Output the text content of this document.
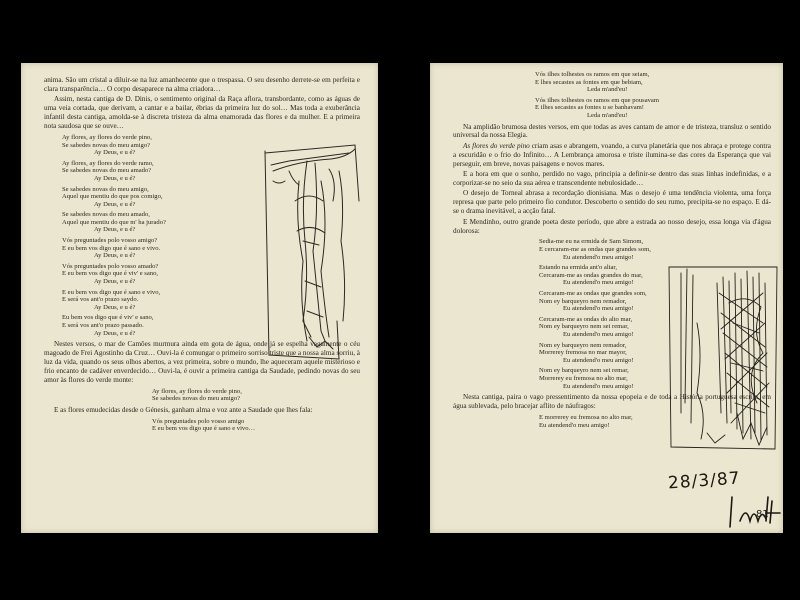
anima. São um cristal a diluir-se na luz amanhecente que o trespassa. O seu desenho derrete-se em perfeita e clara transparência… O corpo desaparece na alma criadora…

Assim, nesta cantiga de D. Dinis, o sentimento original da Raça aflora, transbordante, como as águas de uma veia cortada, que derivam, a cantar e a bailar, ébrias da primeira luz do sol… Mas toda a exuberância infantil desta cantiga, amolda-se à discreta tristeza da alma enamorada das flores e da mulher. E a primeira nota saudosa que se ouve…

Ay flores, ay flores do verde pino,
Se sabedes novas do meu amigo?
Ay Deus, e u é?
Ay flores, ay flores do verde ramo,
Se sabedes novas do meu amado?
Ay Deus, e u é?
Se sabedes novas do meu amigo,
Aquel que mentiu do que pos comigo,
Ay Deus, e u é?
Se sabedes novas do meu amado,
Aquel que mentiu do que m' ha jurado?
Ay Deus, e u é?
Vós preguntades polo vosso amigo?
E eu bem vos digo que é sano e vivo.
Ay Deus, e u é?
Vós preguntades polo vosso amado?
E eu bem vos digo que é viv' e sano,
Ay Deus, e u é?
E eu bem vos digo que é sano e vivo,
E será vos ant'o prazo saydo.
Ay Deus, e u é?
Eu bem vos digo que é viv' e sano,
E será vos ant'o prazo passado.
Ay Deus, e u é?

Nestes versos, o mar de Camões murmura ainda em gota de água, onde já se espelha vagamente o céu magoado de Frei Agostinho da Cruz… Ouvi-la é comungar o primeiro sorriso triste que a nossa alma sorriu, à luz da vida, quando os seus olhos abertos, a vez primeira, sobre o mundo, lhe aqueceram aquele misterioso e frio encanto de cadáver enverdecido… Ouvi-la, é ouvir a primeira cantiga da Saudade, pedindo novas do seu amor às flores do verde monte:

Ay flores, ay flores do verde pino,
Se sabedes novas do meu amigo?

E as flores emudecidas desde o Génesis, ganham alma e voz ante a Saudade que lhes fala:

Vós preguntades polo vosso amigo
E eu bem vos digo que é sano e vivo…
Vós ilhes tolhestes os ramos em que seiam,
E lhes secastes as fontes em que bebiam,
Leda m'and'eu!
Vós ilhes tolhestes os ramos em que pousavam
E ilhes secastes as fontes u se banhavam!
Leda m'and'eu!

Na amplidão brumosa destes versos, em que todas as aves cantam de amor e de tristeza, transluz o sentido universal da nossa Elegia.

As flores do verde pino criam asas e abrangem, voando, a curva planetária que nos abraça e protege contra a escuridão e o frio do Infinito… A Lembrança amorosa e triste ilumina-se das cores da Esperança que vai perseguir, em breve, novas paisagens e novos mares.

E a hora em que o sonho, perdido no vago, principia a definir-se dentro das suas linhas indefinidas, e a corporizar-se no seio da sua aérea e transcendente nebulosidade…

O desejo de Torneal abrasa a recordação dionisiana. Mas o desejo é uma tendência violenta, uma força represa que parte pelo primeiro fio condutor. Descoberto o sentido do seu rumo, precipita-se no espaço. E dá-se o drama inevitável, a acção fatal.

E Mendinho, outro grande poeta deste período, que abre a estrada ao nosso desejo, essa longa via d'água dolorosa:

Sedia-me eu na ermida de Sam Simom,
E cercaram-me as ondas que grandes som,
Eu atendend'o meu amigo!
Estando na ermida ant'o altar,
Cercaram-me as ondas grandes do mar,
Eu atendend'o meu amigo!
Cercaram-me as ondas que grandes som,
Nom ey barqueyro nem remador,
Eu atendend'o meu amigo!
Cercaram-me as ondas do alto mar,
Nom ey barqueyro nem sei remar,
Eu atendend'o meu amigo!
Nom ey barqueyro nem remador,
Morrerey fremosa no mar mayor,
Eu atendend'o meu amigo!
Nom ey barqueyro nem sei remar,
Morrerey eu fremosa no alto mar,
Eu atendend'o meu amigo!

Nesta cantiga, paira o vago pressentimento da nossa epopeia e de toda a História portuguesa escrita, em água sublevada, pelo bracejar aflito de náufragos:

E morrerey eu fremosa no alto mar,
Eu atendend'o meu amigo!
28/3/87
81
